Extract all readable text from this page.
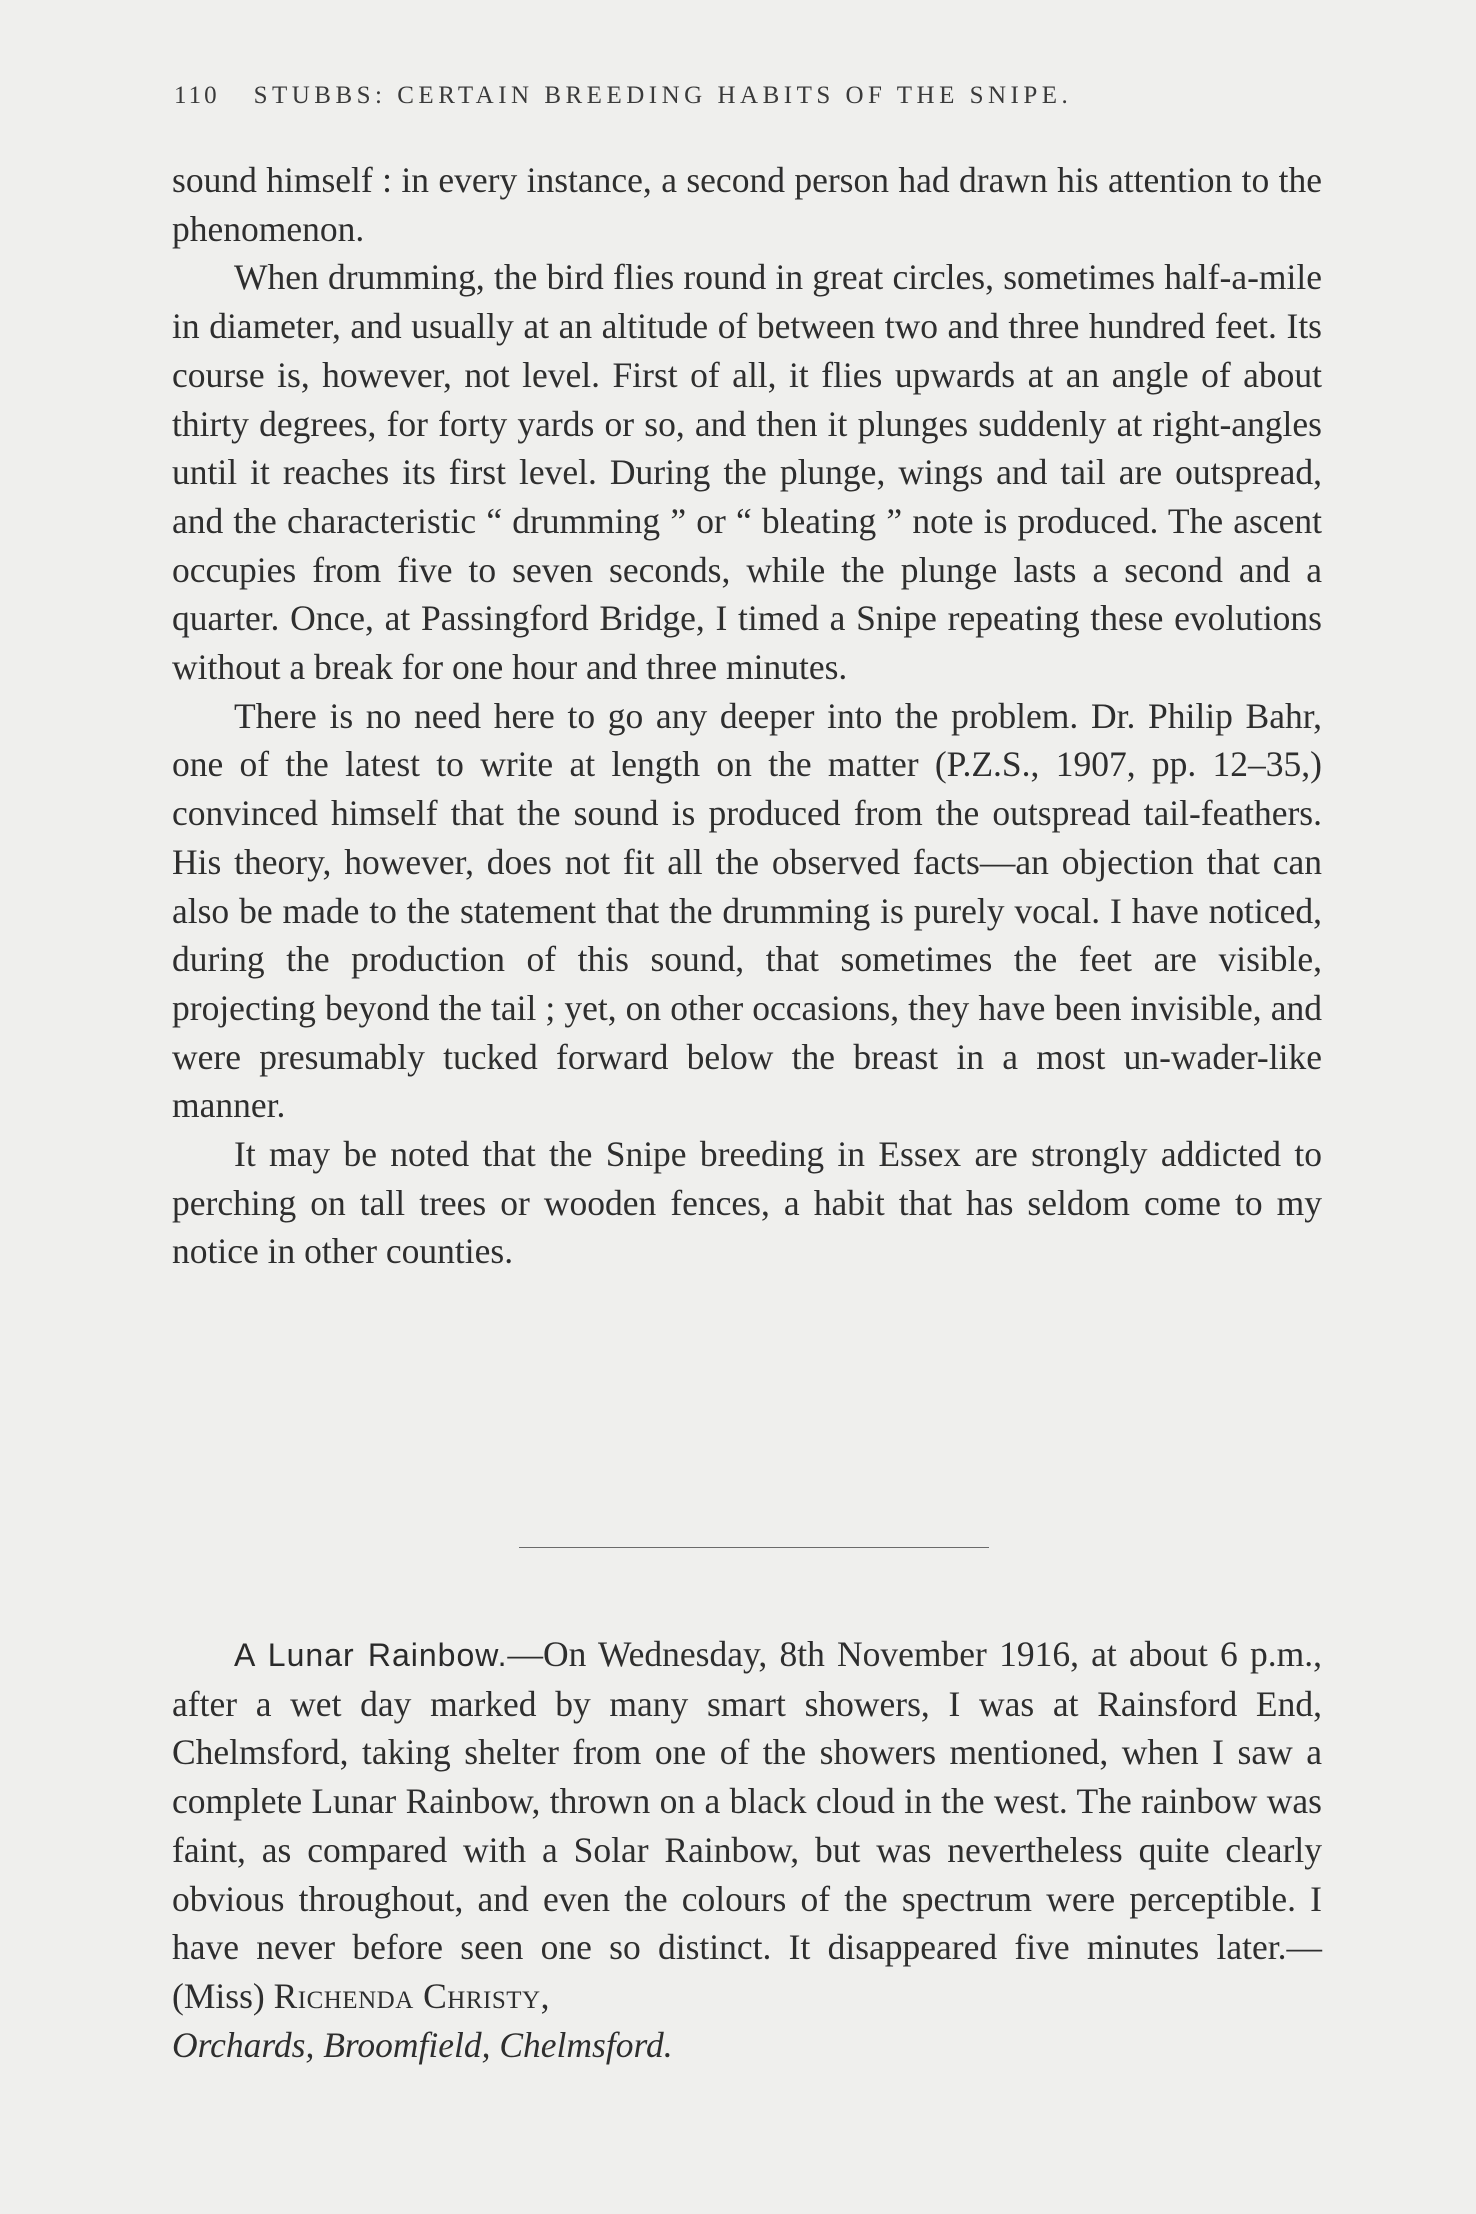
110 STUBBS: CERTAIN BREEDING HABITS OF THE SNIPE.

sound himself : in every instance, a second person had drawn his attention to the phenomenon.

When drumming, the bird flies round in great circles, sometimes half-a-mile in diameter, and usually at an altitude of between two and three hundred feet. Its course is, however, not level. First of all, it flies upwards at an angle of about thirty degrees, for forty yards or so, and then it plunges suddenly at right-angles until it reaches its first level. During the plunge, wings and tail are outspread, and the characteristic “ drumming ” or “ bleating ” note is produced. The ascent occupies from five to seven seconds, while the plunge lasts a second and a quarter. Once, at Passingford Bridge, I timed a Snipe repeating these evolutions without a break for one hour and three minutes.

There is no need here to go any deeper into the problem. Dr. Philip Bahr, one of the latest to write at length on the matter (P.Z.S., 1907, pp. 12–35,) convinced himself that the sound is produced from the outspread tail-feathers. His theory, however, does not fit all the observed facts—an objection that can also be made to the statement that the drumming is purely vocal. I have noticed, during the production of this sound, that sometimes the feet are visible, projecting beyond the tail ; yet, on other occasions, they have been invisible, and were presumably tucked forward below the breast in a most un-wader-like manner.

It may be noted that the Snipe breeding in Essex are strongly addicted to perching on tall trees or wooden fences, a habit that has seldom come to my notice in other counties.

A Lunar Rainbow.—On Wednesday, 8th November 1916, at about 6 p.m., after a wet day marked by many smart showers, I was at Rainsford End, Chelmsford, taking shelter from one of the showers mentioned, when I saw a complete Lunar Rainbow, thrown on a black cloud in the west. The rainbow was faint, as compared with a Solar Rainbow, but was nevertheless quite clearly obvious throughout, and even the colours of the spectrum were perceptible. I have never before seen one so distinct. It disappeared five minutes later.—(Miss) Richenda Christy,

Orchards, Broomfield, Chelmsford.
